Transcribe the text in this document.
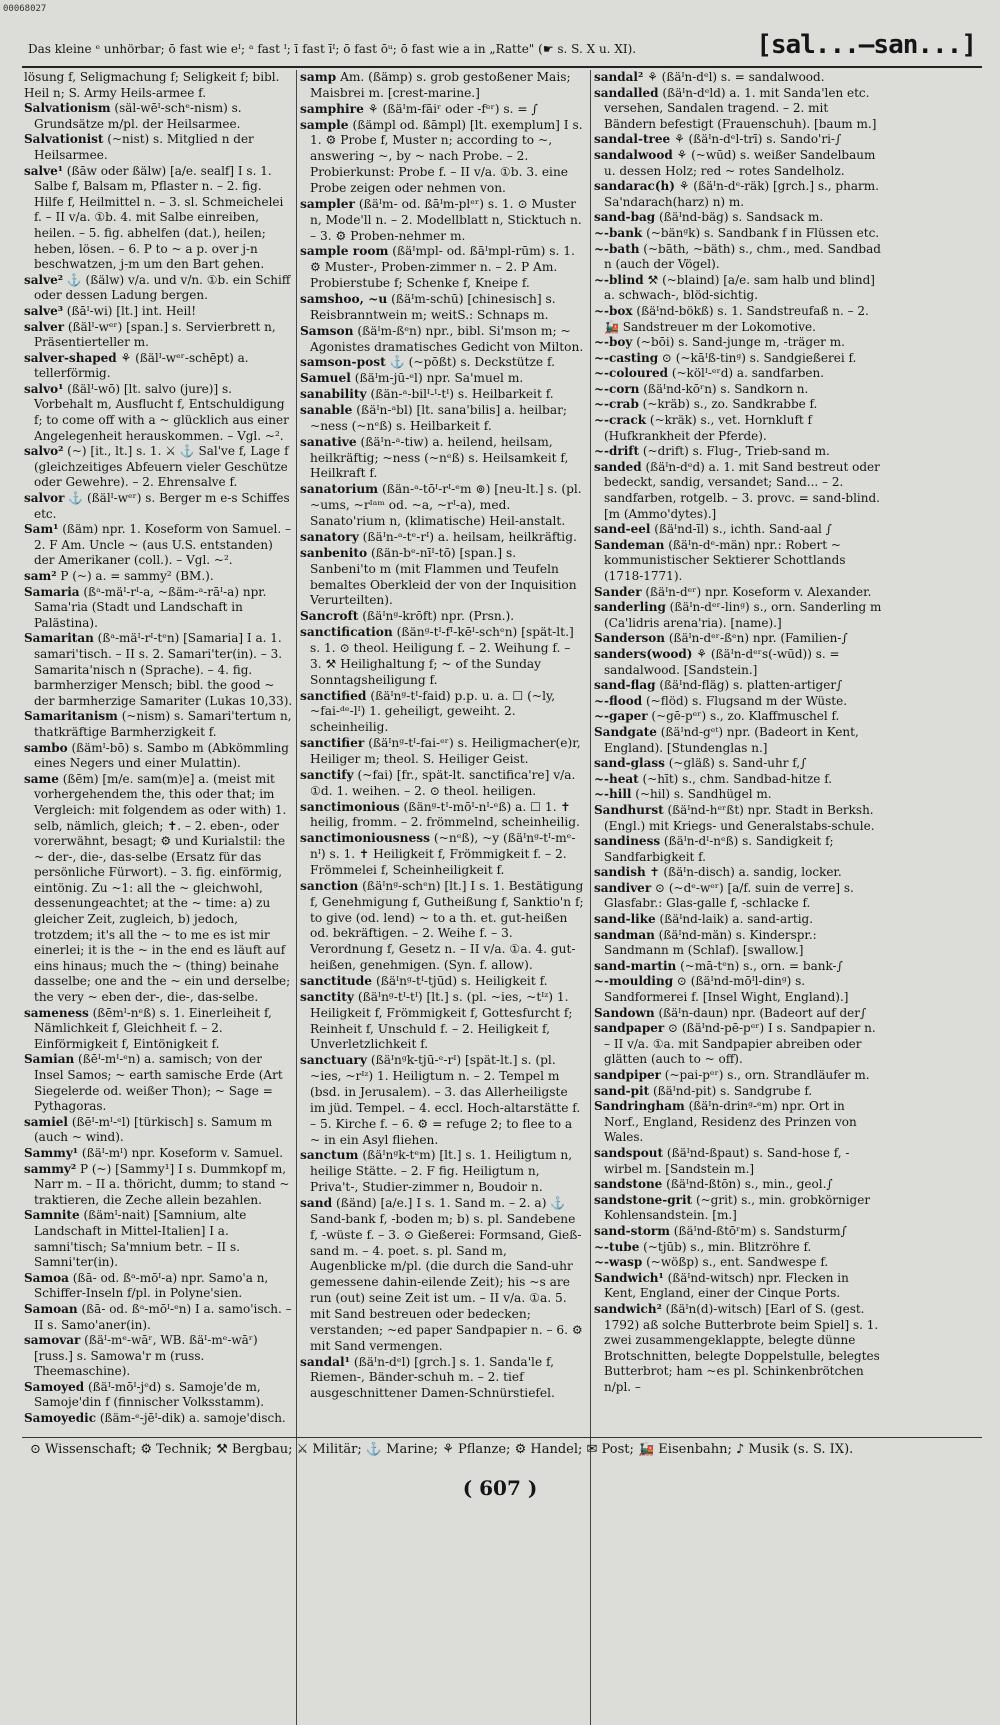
00068027
Das kleine ᵉ unhörbar; ō fast wie eᴵ; ᵃ fast ᴵ; ī fast īᴵ; ō fast ōᵘ; ō fast wie a in „Ratte" (☛ s. S. X u. XI).	[sal...—san...]

lösung f, Seligmachung f; Seligkeit f; bibl. Heil n; S. Army Heils-armee f.

Salvationism (säl-wēᴵ-schᵉ-nism) s. Grundsätze m/pl. der Heilsarmee.

Salvationist (~nist) s. Mitglied n der Heilsarmee.

salve¹ (ßāw oder ßälw) [a/e. sealf] I s. 1. Salbe f, Balsam m, Pflaster n. – 2. fig. Hilfe f, Heilmittel n. – 3. sl. Schmeichelei f. – II v/a. ①b. 4. mit Salbe einreiben, heilen. – 5. fig. abhelfen (dat.), heilen; heben, lösen. – 6. P to ~ a p. over j-n beschwatzen, j-m um den Bart gehen.

salve² ⚓ (ßälw) v/a. und v/n. ①b. ein Schiff oder dessen Ladung bergen.

salve³ (ßāᴵ-wi) [lt.] int. Heil!

salver (ßälᴵ-wᵉʳ) [span.] s. Servierbrett n, Präsentierteller m.

salver-shaped ⚘ (ßälᴵ-wᵉʳ-schēpt) a. tellerförmig.

salvo¹ (ßälᴵ-wō) [lt. salvo (jure)] s. Vorbehalt m, Ausflucht f, Entschuldigung f; to come off with a ~ glücklich aus einer Angelegenheit herauskommen. – Vgl. ~².

salvo² (~) [it., lt.] s. 1. ⚔ ⚓ Sal've f, Lage f (gleichzeitiges Abfeuern vieler Geschütze oder Gewehre). – 2. Ehrensalve f.

salvor ⚓ (ßälᴵ-wᵉʳ) s. Berger m e-s Schiffes etc.

Sam¹ (ßäm) npr. 1. Koseform von Samuel. – 2. F Am. Uncle ~ (aus U.S. entstanden) der Amerikaner (coll.). – Vgl. ~².

sam² P (~) a. = sammy² (BM.).

Samaria (ßᵃ-mäᴵ-rᴵ-a, ~ßäm-ᵃ-rāᴵ-a) npr. Sama'ria (Stadt und Landschaft in Palästina).

Samaritan (ßᵃ-mäᴵ-rᴵ-tᵉn) [Samaria] I a. 1. samari'tisch. – II s. 2. Samari'ter(in). – 3. Samarita'nisch n (Sprache). – 4. fig. barmherziger Mensch; bibl. the good ~ der barmherzige Samariter (Lukas 10,33).

Samaritanism (~nism) s. Samari'tertum n, thatkräftige Barmherzigkeit f.

sambo (ßämᴵ-bō) s. Sambo m (Abkömmling eines Negers und einer Mulattin).

same (ßēm) [m/e. sam(m)e] a. (meist mit vorhergehendem the, this oder that; im Vergleich: mit folgendem as oder with) 1. selb, nämlich, gleich; ✝. – 2. eben-, oder vorerwähnt, besagt; ⚙ und Kurialstil: the ~ der-, die-, das-selbe (Ersatz für das persönliche Fürwort). – 3. fig. einförmig, eintönig. Zu ~1: all the ~ gleichwohl, dessenungeachtet; at the ~ time: a) zu gleicher Zeit, zugleich, b) jedoch, trotzdem; it's all the ~ to me es ist mir einerlei; it is the ~ in the end es läuft auf eins hinaus; much the ~ (thing) beinahe dasselbe; one and the ~ ein und derselbe; the very ~ eben der-, die-, das-selbe.

sameness (ßēmᴵ-nᵉß) s. 1. Einerleiheit f, Nämlichkeit f, Gleichheit f. – 2. Einförmigkeit f, Eintönigkeit f.

Samian (ßēᴵ-mᴵ-ᵉn) a. samisch; von der Insel Samos; ~ earth samische Erde (Art Siegelerde od. weißer Thon); ~ Sage = Pythagoras.

samiel (ßēᴵ-mᴵ-ᵉl) [türkisch] s. Samum m (auch ~ wind).

Sammy¹ (ßäᴵ-mᴵ) npr. Koseform v. Samuel.

sammy² P (~) [Sammy¹] I s. Dummkopf m, Narr m. – II a. thöricht, dumm; to stand ~ traktieren, die Zeche allein bezahlen.

Samnite (ßämᴵ-nait) [Samnium, alte Landschaft in Mittel-Italien] I a. samni'tisch; Sa'mnium betr. – II s. Samni'ter(in).

Samoa (ßā- od. ßᵃ-mōᴵ-a) npr. Samo'a n, Schiffer-Inseln f/pl. in Polyne'sien.

Samoan (ßā- od. ßᵃ-mōᴵ-ᵉn) I a. samo'isch. – II s. Samo'aner(in).

samovar (ßäᴵ-mᵉ-wāʳ, WB. ßäᴵ-mᵉ-wāʳ) [russ.] s. Samowa'r m (russ. Theemaschine).

Samoyed (ßäᴵ-mōᴵ-jᵉd) s. Samoje'de m, Samoje'din f (finnischer Volksstamm).

Samoyedic (ßäm-ᵉ-jēᴵ-dik) a. samoje'disch.

samp Am. (ßämp) s. grob gestoßener Mais; Maisbrei m. [crest-marine.]

samphire ⚘ (ßäᴵm-fāiʳ oder -fᵉʳ) s. = ∫

sample (ßämpl od. ßāmpl) [lt. exemplum] I s. 1. ⚙ Probe f, Muster n; according to ~, answering ~, by ~ nach Probe. – 2. Probierkunst: Probe f. – II v/a. ①b. 3. eine Probe zeigen oder nehmen von.

sampler (ßäᴵm- od. ßāᴵm-plᵉʳ) s. 1. ⊙ Muster n, Mode'll n. – 2. Modellblatt n, Sticktuch n. – 3. ⚙ Proben-nehmer m.

sample room (ßäᴵmpl- od. ßāᴵmpl-rūm) s. 1. ⚙ Muster-, Proben-zimmer n. – 2. P Am. Probierstube f; Schenke f, Kneipe f.

samshoo, ~u (ßäᴵm-schū) [chinesisch] s. Reisbranntwein m; weitS.: Schnaps m.

Samson (ßäᴵm-ßᵉn) npr., bibl. Si'mson m; ~ Agonistes dramatisches Gedicht von Milton.

samson-post ⚓ (~pōßt) s. Deckstütze f.

Samuel (ßäᴵm-jū-ᵉl) npr. Sa'muel m.

sanability (ßän-ᵃ-bilᴵ-ᴵ-tᴵ) s. Heilbarkeit f.

sanable (ßäᴵn-ᵃbl) [lt. sana'bilis] a. heilbar; ~ness (~nᵉß) s. Heilbarkeit f.

sanative (ßäᴵn-ᵃ-tiw) a. heilend, heilsam, heilkräftig; ~ness (~nᵉß) s. Heilsamkeit f, Heilkraft f.

sanatorium (ßän-ᵃ-tōᴵ-rᴵ-ᵉm ⊚) [neu-lt.] s. (pl. ~ums, ~rᴵᵃᵐ od. ~a, ~rᴵ-a), med. Sanato'rium n, (klimatische) Heil-anstalt.

sanatory (ßäᴵn-ᵃ-tᵉ-rᴵ) a. heilsam, heilkräftig.

sanbenito (ßän-bᵉ-nīᴵ-tō) [span.] s. Sanbeni'to m (mit Flammen und Teufeln bemaltes Oberkleid der von der Inquisition Verurteilten).

Sancroft (ßäᴵnᵍ-krōft) npr. (Prsn.).

sanctification (ßänᵍ-tᴵ-fᴵ-kēᴵ-schᵉn) [spät-lt.] s. 1. ⊙ theol. Heiligung f. – 2. Weihung f. – 3. ⚒ Heilighaltung f; ~ of the Sunday Sonntagsheiligung f.

sanctified (ßäᴵnᵍ-tᴵ-faid) p.p. u. a. ☐ (~ly, ~fai-ᵈᵉ-lᴵ) 1. geheiligt, geweiht. 2. scheinheilig.

sanctifier (ßäᴵnᵍ-tᴵ-fai-ᵉʳ) s. Heiligmacher(e)r, Heiliger m; theol. S. Heiliger Geist.

sanctify (~fai) [fr., spät-lt. sanctifica're] v/a. ①d. 1. weihen. – 2. ⊙ theol. heiligen.

sanctimonious (ßänᵍ-tᴵ-mōᴵ-nᴵ-ᵉß) a. ☐ 1. ✝ heilig, fromm. – 2. frömmelnd, scheinheilig.

sanctimoniousness (~nᵉß), ~y (ßäᴵnᵍ-tᴵ-mᵉ-nᴵ) s. 1. ✝ Heiligkeit f, Frömmigkeit f. – 2. Frömmelei f, Scheinheiligkeit f.

sanction (ßäᴵnᵍ-schᵉn) [lt.] I s. 1. Bestätigung f, Genehmigung f, Gutheißung f, Sanktio'n f; to give (od. lend) ~ to a th. et. gut-heißen od. bekräftigen. – 2. Weihe f. – 3. Verordnung f, Gesetz n. – II v/a. ①a. 4. gut-heißen, genehmigen. (Syn. f. allow).

sanctitude (ßäᴵnᵍ-tᴵ-tjūd) s. Heiligkeit f.

sanctity (ßäᴵnᵍ-tᴵ-tᴵ) [lt.] s. (pl. ~ies, ~tᴵᶻ) 1. Heiligkeit f, Frömmigkeit f, Gottesfurcht f; Reinheit f, Unschuld f. – 2. Heiligkeit f, Unverletzlichkeit f.

sanctuary (ßäᴵnᵍk-tjū-ᵉ-rᴵ) [spät-lt.] s. (pl. ~ies, ~rᴵᶻ) 1. Heiligtum n. – 2. Tempel m (bsd. in Jerusalem). – 3. das Allerheiligste im jüd. Tempel. – 4. eccl. Hoch-altarstätte f. – 5. Kirche f. – 6. ⚙ = refuge 2; to flee to a ~ in ein Asyl fliehen.

sanctum (ßäᴵnᵍk-tᵉm) [lt.] s. 1. Heiligtum n, heilige Stätte. – 2. F fig. Heiligtum n, Priva't-, Studier-zimmer n, Boudoir n.

sand (ßänd) [a/e.] I s. 1. Sand m. – 2. a) ⚓ Sand-bank f, -boden m; b) s. pl. Sandebene f, -wüste f. – 3. ⊙ Gießerei: Formsand, Gieß-sand m. – 4. poet. s. pl. Sand m, Augenblicke m/pl. (die durch die Sand-uhr gemessene dahin-eilende Zeit); his ~s are run (out) seine Zeit ist um. – II v/a. ①a. 5. mit Sand bestreuen oder bedecken; verstanden; ~ed paper Sandpapier n. – 6. ⚙ mit Sand vermengen.

sandal¹ (ßäᴵn-dᵉl) [grch.] s. 1. Sanda'le f, Riemen-, Bänder-schuh m. – 2. tief ausgeschnittener Damen-Schnürstiefel.

sandal² ⚘ (ßäᴵn-dᵉl) s. = sandalwood.

sandalled (ßäᴵn-dᵉld) a. 1. mit Sanda'len etc. versehen, Sandalen tragend. – 2. mit Bändern befestigt (Frauenschuh). [baum m.]

sandal-tree ⚘ (ßäᴵn-dᵉl-trī) s. Sando'ri-∫

sandalwood ⚘ (~wūd) s. weißer Sandelbaum u. dessen Holz; red ~ rotes Sandelholz.

sandarac(h) ⚘ (ßäᴵn-dᵉ-räk) [grch.] s., pharm. Sa'ndarach(harz) n) m.

sand-bag (ßäᴵnd-bäg) s. Sandsack m.

~-bank (~bänᵍk) s. Sandbank f in Flüssen etc.

~-bath (~bāth, ~bäth) s., chm., med. Sandbad n (auch der Vögel).

~-blind ⚒ (~blaind) [a/e. sam halb und blind] a. schwach-, blöd-sichtig.

~-box (ßäᴵnd-bökß) s. 1. Sandstreufaß n. – 2. 🚂 Sandstreuer m der Lokomotive.

~-boy (~bōi) s. Sand-junge m, -träger m.

~-casting ⊙ (~kāᴵß-tinᵍ) s. Sandgießerei f.

~-coloured (~kölᴵ-ᵉʳd) a. sandfarben.

~-corn (ßäᴵnd-kōʳn) s. Sandkorn n.

~-crab (~kräb) s., zo. Sandkrabbe f.

~-crack (~kräk) s., vet. Hornkluft f (Hufkrankheit der Pferde).

~-drift (~drift) s. Flug-, Trieb-sand m.

sanded (ßäᴵn-dᵉd) a. 1. mit Sand bestreut oder bedeckt, sandig, versandet; Sand... – 2. sandfarben, rotgelb. – 3. provc. = sand-blind. [m (Ammo'dytes).]

sand-eel (ßäᴵnd-īl) s., ichth. Sand-aal ∫

Sandeman (ßäᴵn-dᵉ-män) npr.: Robert ~ kommunistischer Sektierer Schottlands (1718-1771).

Sander (ßäᴵn-dᵉʳ) npr. Koseform v. Alexander.

sanderling (ßäᴵn-dᵉʳ-linᵍ) s., orn. Sanderling m (Ca'lidris arena'ria). [name).]

Sanderson (ßäᴵn-dᵉʳ-ßᵉn) npr. (Familien-∫

sanders(wood) ⚘ (ßäᴵn-dᵉʳs(-wūd)) s. = sandalwood. [Sandstein.]

sand-flag (ßäᴵnd-fläg) s. platten-artiger∫

~-flood (~flöd) s. Flugsand m der Wüste.

~-gaper (~gē-pᵉʳ) s., zo. Klaffmuschel f.

Sandgate (ßäᴵnd-gᵉᵗ) npr. (Badeort in Kent, England). [Stundenglas n.]

sand-glass (~gläß) s. Sand-uhr f,∫

~-heat (~hīt) s., chm. Sandbad-hitze f.

~-hill (~hil) s. Sandhügel m.

Sandhurst (ßäᴵnd-hᵉʳßt) npr. Stadt in Berksh. (Engl.) mit Kriegs- und Generalstabs-schule.

sandiness (ßäᴵn-dᴵ-nᵉß) s. Sandigkeit f; Sandfarbigkeit f.

sandish ✝ (ßäᴵn-disch) a. sandig, locker.

sandiver ⊙ (~dᵉ-wᵉʳ) [a/f. suin de verre] s. Glasfabr.: Glas-galle f, -schlacke f.

sand-like (ßäᴵnd-laik) a. sand-artig.

sandman (ßäᴵnd-män) s. Kinderspr.: Sandmann m (Schlaf). [swallow.]

sand-martin (~mā-tᵉn) s., orn. = bank-∫

~-moulding ⊙ (ßäᴵnd-mōᴵl-dinᵍ) s. Sandformerei f. [Insel Wight, England).]

Sandown (ßäᴵn-daun) npr. (Badeort auf der∫

sandpaper ⊙ (ßäᴵnd-pē-pᵉʳ) I s. Sandpapier n. – II v/a. ①a. mit Sandpapier abreiben oder glätten (auch to ~ off).

sandpiper (~pai-pᵉʳ) s., orn. Strandläufer m.

sand-pit (ßäᴵnd-pit) s. Sandgrube f.

Sandringham (ßäᴵn-drinᵍ-ᵉm) npr. Ort in Norf., England, Residenz des Prinzen von Wales.

sandspout (ßäᴵnd-ßpaut) s. Sand-hose f, -wirbel m. [Sandstein m.]

sandstone (ßäᴵnd-ßtōn) s., min., geol.∫

sandstone-grit (~grit) s., min. grobkörniger Kohlensandstein. [m.]

sand-storm (ßäᴵnd-ßtōʳm) s. Sandsturm∫

~-tube (~tjūb) s., min. Blitzröhre f.

~-wasp (~wößp) s., ent. Sandwespe f.

Sandwich¹ (ßäᴵnd-witsch) npr. Flecken in Kent, England, einer der Cinque Ports.

sandwich² (ßäᴵn(d)-witsch) [Earl of S. (gest. 1792) aß solche Butterbrote beim Spiel] s. 1. zwei zusammengeklappte, belegte dünne Brotschnitten, belegte Doppelstulle, belegtes Butterbrot; ham ~es pl. Schinkenbrötchen n/pl. –

⊙ Wissenschaft; ⚙ Technik; ⚒ Bergbau; ⚔ Militär; ⚓ Marine; ⚘ Pflanze; ⚙ Handel; ✉ Post; 🚂 Eisenbahn; ♪ Musik (s. S. IX).
( 607 )
